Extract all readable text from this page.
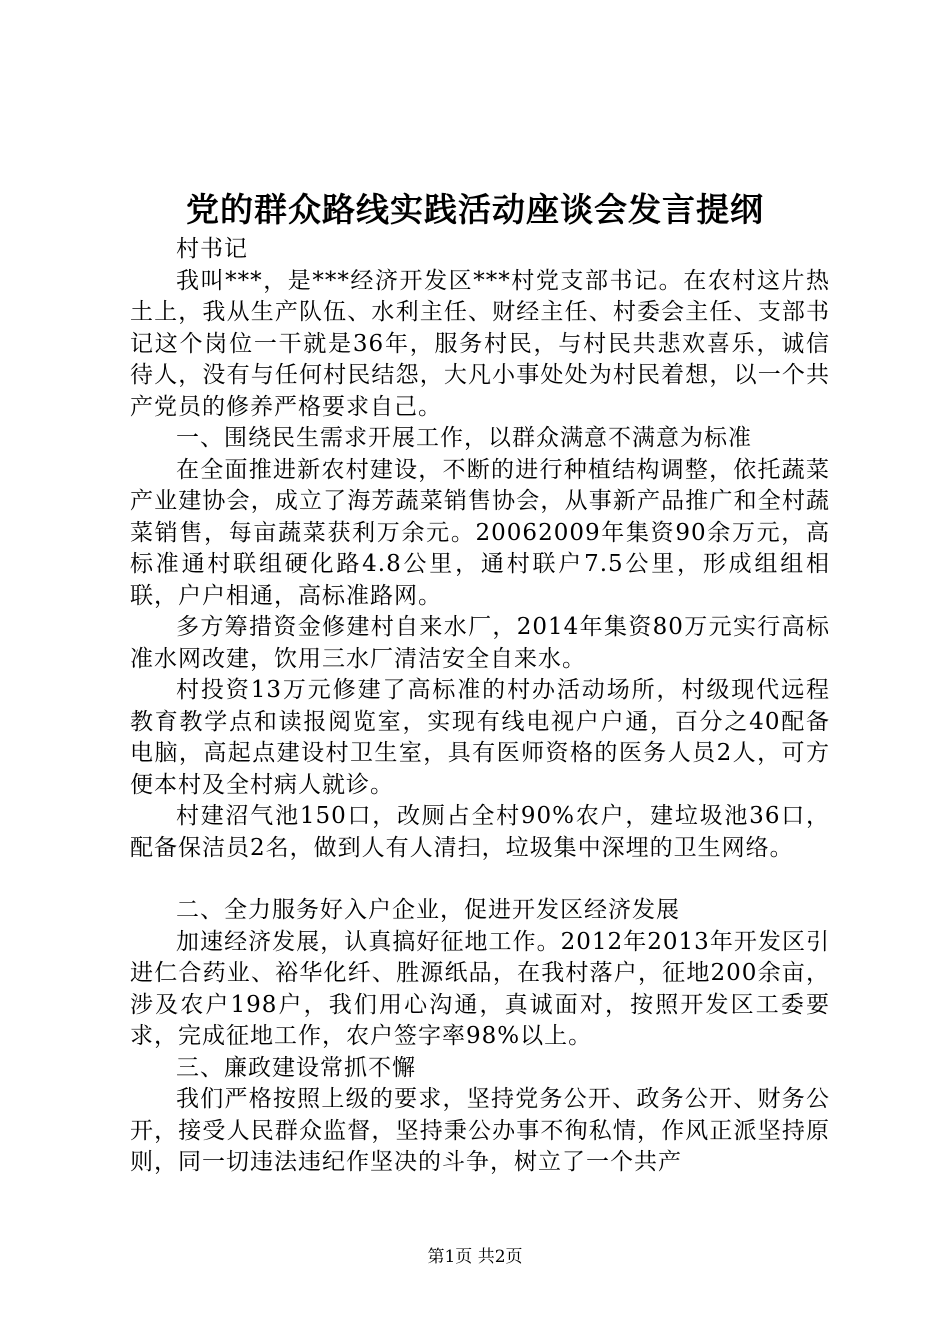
党的群众路线实践活动座谈会发言提纲

村书记

我叫***，是***经济开发区***村党支部书记。在农村这片热土上，我从生产队伍、水利主任、财经主任、村委会主任、支部书记这个岗位一干就是36年，服务村民，与村民共悲欢喜乐，诚信待人，没有与任何村民结怨，大凡小事处处为村民着想，以一个共产党员的修养严格要求自己。

一、围绕民生需求开展工作，以群众满意不满意为标准

在全面推进新农村建设，不断的进行种植结构调整，依托蔬菜产业建协会，成立了海芳蔬菜销售协会，从事新产品推广和全村蔬菜销售，每亩蔬菜获利万余元。20062009年集资90余万元，高标准通村联组硬化路4.8公里，通村联户7.5公里，形成组组相联，户户相通，高标准路网。

多方筹措资金修建村自来水厂，2014年集资80万元实行高标准水网改建，饮用三水厂清洁安全自来水。

村投资13万元修建了高标准的村办活动场所，村级现代远程教育教学点和读报阅览室，实现有线电视户户通，百分之40配备电脑，高起点建设村卫生室，具有医师资格的医务人员2人，可方便本村及全村病人就诊。

村建沼气池150口，改厕占全村90%农户，建垃圾池36口，配备保洁员2名，做到人有人清扫，垃圾集中深埋的卫生网络。

二、全力服务好入户企业，促进开发区经济发展

加速经济发展，认真搞好征地工作。2012年2013年开发区引进仁合药业、裕华化纤、胜源纸品，在我村落户，征地200余亩，涉及农户198户，我们用心沟通，真诚面对，按照开发区工委要求，完成征地工作，农户签字率98%以上。

三、廉政建设常抓不懈

我们严格按照上级的要求，坚持党务公开、政务公开、财务公开，接受人民群众监督，坚持秉公办事不徇私情，作风正派坚持原则，同一切违法违纪作坚决的斗争，树立了一个共产

第1页 共2页
